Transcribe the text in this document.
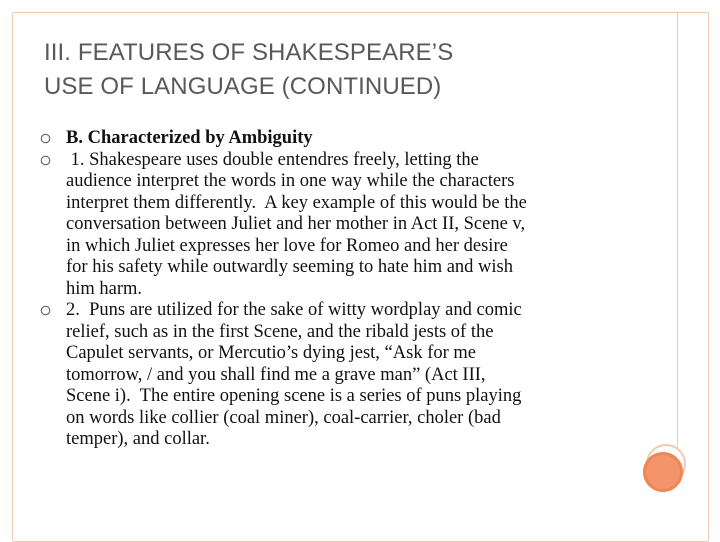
III. FEATURES OF SHAKESPEARE’S
USE OF LANGUAGE (CONTINUED)
B. Characterized by Ambiguity
1. Shakespeare uses double entendres freely, letting the
audience interpret the words in one way while the characters
interpret them differently.  A key example of this would be the
conversation between Juliet and her mother in Act II, Scene v,
in which Juliet expresses her love for Romeo and her desire
for his safety while outwardly seeming to hate him and wish
him harm.
2.  Puns are utilized for the sake of witty wordplay and comic
relief, such as in the first Scene, and the ribald jests of the
Capulet servants, or Mercutio’s dying jest, “Ask for me
tomorrow, / and you shall find me a grave man” (Act III,
Scene i).  The entire opening scene is a series of puns playing
on words like collier (coal miner), coal-carrier, choler (bad
temper), and collar.
